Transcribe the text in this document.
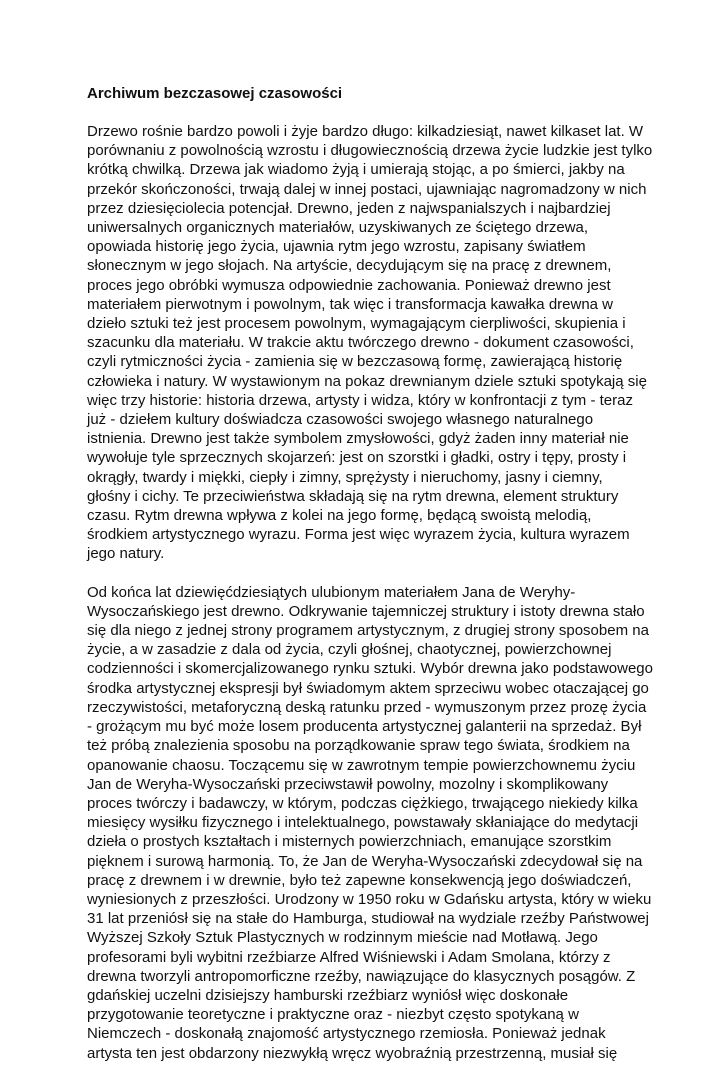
Archiwum bezczasowej czasowości
Drzewo rośnie bardzo powoli i żyje bardzo długo: kilkadziesiąt, nawet kilkaset lat. W
porównaniu z powolnością wzrostu i długowiecznością drzewa życie ludzkie jest tylko
krótką chwilką. Drzewa jak wiadomo żyją i umierają stojąc, a po śmierci, jakby na
przekór skończoności, trwają dalej w innej postaci, ujawniając nagromadzony w nich
przez dziesięciolecia potencjał. Drewno, jeden z najwspanialszych i najbardziej
uniwersalnych organicznych materiałów, uzyskiwanych ze ściętego drzewa,
opowiada historię jego życia, ujawnia rytm jego wzrostu, zapisany światłem
słonecznym w jego słojach. Na artyście, decydującym się na pracę z drewnem,
proces jego obróbki wymusza odpowiednie zachowania. Ponieważ drewno jest
materiałem pierwotnym i powolnym, tak więc i transformacja kawałka drewna w
dzieło sztuki też jest procesem powolnym, wymagającym cierpliwości, skupienia i
szacunku dla materiału. W trakcie aktu twórczego drewno - dokument czasowości,
czyli rytmiczności życia - zamienia się w bezczasową formę, zawierającą historię
człowieka i natury. W wystawionym na pokaz drewnianym dziele sztuki spotykają się
więc trzy historie: historia drzewa, artysty i widza, który w konfrontacji z tym - teraz
już - dziełem kultury doświadcza czasowości swojego własnego naturalnego
istnienia. Drewno jest także symbolem zmysłowości, gdyż żaden inny materiał nie
wywołuje tyle sprzecznych skojarzeń: jest on szorstki i gładki, ostry i tępy, prosty i
okrągły, twardy i miękki, ciepły i zimny, sprężysty i nieruchomy, jasny i ciemny,
głośny i cichy. Te przeciwieństwa składają się na rytm drewna, element struktury
czasu. Rytm drewna wpływa z kolei na jego formę, będącą swoistą melodią,
środkiem artystycznego wyrazu. Forma jest więc wyrazem życia, kultura wyrazem
jego natury.
Od końca lat dziewięćdziesiątych ulubionym materiałem Jana de Weryhy-
Wysoczańskiego jest drewno. Odkrywanie tajemniczej struktury i istoty drewna stało
się dla niego z jednej strony programem artystycznym, z drugiej strony sposobem na
życie, a w zasadzie z dala od życia, czyli głośnej, chaotycznej, powierzchownej
codzienności i skomercjalizowanego rynku sztuki. Wybór drewna jako podstawowego
środka artystycznej ekspresji był świadomym aktem sprzeciwu wobec otaczającej go
rzeczywistości, metaforyczną deską ratunku przed - wymuszonym przez prozę życia
- grożącym mu być może losem producenta artystycznej galanterii na sprzedaż. Był
też próbą znalezienia sposobu na porządkowanie spraw tego świata, środkiem na
opanowanie chaosu. Toczącemu się w zawrotnym tempie powierzchownemu życiu
Jan de Weryha-Wysoczański przeciwstawił powolny, mozolny i skomplikowany
proces twórczy i badawczy, w którym, podczas ciężkiego, trwającego niekiedy kilka
miesięcy wysiłku fizycznego i intelektualnego, powstawały skłaniające do medytacji
dzieła o prostych kształtach i misternych powierzchniach, emanujące szorstkim
pięknem i surową harmonią. To, że Jan de Weryha-Wysoczański zdecydował się na
pracę z drewnem i w drewnie, było też zapewne konsekwencją jego doświadczeń,
wyniesionych z przeszłości. Urodzony w 1950 roku w Gdańsku artysta, który w wieku
31 lat przeniósł się na stałe do Hamburga, studiował na wydziale rzeźby Państwowej
Wyższej Szkoły Sztuk Plastycznych w rodzinnym mieście nad Motławą. Jego
profesorami byli wybitni rzeźbiarze Alfred Wiśniewski i Adam Smolana, którzy z
drewna tworzyli antropomorficzne rzeźby, nawiązujące do klasycznych posągów. Z
gdańskiej uczelni dzisiejszy hamburski rzeźbiarz wyniósł więc doskonałe
przygotowanie teoretyczne i praktyczne oraz - niezbyt często spotykaną w
Niemczech - doskonałą znajomość artystycznego rzemiosła. Ponieważ jednak
artysta ten jest obdarzony niezwykłą wręcz wyobraźnią przestrzenną, musiał się
